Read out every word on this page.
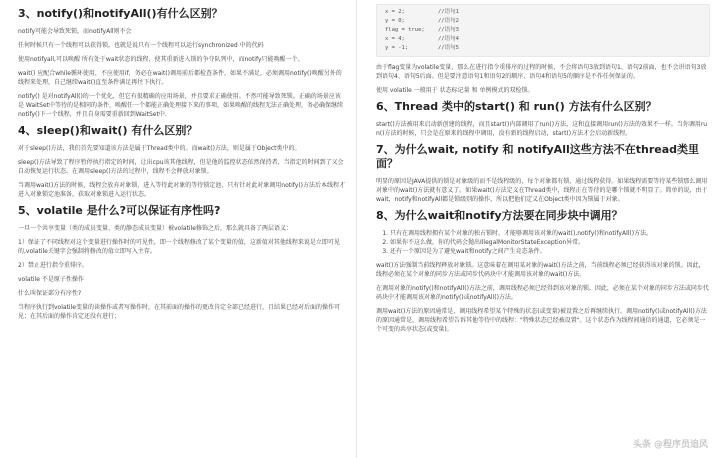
3、notify()和notifyAll()有什么区别？

notify可能会导致死锁，而notifyAll则不会

任何时候只有一个线程可以获得锁，也就是说只有一个线程可以运行synchronized 中的代码

使用notifyall,可以唤醒 所有处于wait状态的线程，使其重新进入锁的争夺队列中，而notify只能唤醒一个。

wait() 应配合while循环使用，不应使用if，务必在wait()调用前后都检查条件，如果不满足，必须调用notify()唤醒另外的线程来处理，自己继续wait()直至条件满足再往下执行。

notify() 是对notifyAll()的一个优化，但它有很精确的应用场景，并且要求正确使用。不然可能导致死锁。正确的场景应该是 WaitSet中等待的是相同的条件，唤醒任一个都能正确处理接下来的事项，如果唤醒的线程无法正确处理，务必确保继续notify()下一个线程，并且自身需要重新回到WaitSet中.

4、sleep()和wait() 有什么区别？

对于sleep()方法，我们首先要知道该方法是属于Thread类中的。而wait()方法，则是属于Object类中的。

sleep()方法导致了程序暂停执行指定的时间，让出cpu该其他线程，但是他的监控状态依然保持者，当指定的时间到了又会自动恢复运行状态。在调用sleep()方法的过程中，线程不会释放对象锁。

当调用wait()方法的时候，线程会放弃对象锁，进入等待此对象的等待锁定池，只有针对此对象调用notify()方法后本线程才进入对象锁定池准备，获取对象锁进入运行状态。

5、volatile 是什么?可以保证有序性吗?

一旦一个共享变量（类的成员变量、类的静态成员变量）被volatile修饰之后，那么就具备了两层语义：

1）保证了不同线程对这个变量进行操作时的可见性，即一个线程修改了某个变量的值，这新值对其他线程来说是立即可见的,volatile关键字会强制将修改的值立即写入主存。

2）禁止进行指令重排序。

volatile 不是原子性操作

什么叫保证部分有序性?

当程序执行到volatile变量的读操作或者写操作时，在其前面的操作的更改肯定全部已经进行，且结果已经对后面的操作可见；在其后面的操作肯定还没有进行；

x = 2;          //语句1
y = 0;          //语句2
flag = true;    //语句3
x = 4;          //语句4
y = -1;         //语句5

由于flag变量为volatile变量，那么在进行指令重排序的过程的时候，不会将语句3放到语句1、语句2前面，也不会讲语句3放到语句4、语句5后面。但是要注意语句1和语句2的顺序、语句4和语句5的顺序是不作任何保证的。

使用 volatile 一般用于 状态标记量 和 单例模式的双检锁。

6、Thread 类中的start() 和 run() 方法有什么区别？

start()方法被用来启动新创建的线程，而且start()内部调用了run()方法，这和直接调用run()方法的效果不一样。当你调用run()方法的时候，只会是在原来的线程中调用，没有新的线程启动，start()方法才会启动新线程。

7、为什么wait, notify 和 notifyAll这些方法不在thread类里面？

明显的原因是JAVA提供的锁是对象级的而不是线程级的，每个对象都有锁，通过线程获得。如果线程需要等待某些锁那么调用对象中的wait()方法就有意义了。如果wait()方法定义在Thread类中，线程正在等待的是哪个锁就不明显了。简单的说，由于wait，notify和notifyAll都是锁级别的操作，所以把他们定义在Object类中因为锁属于对象。

8、为什么wait和notify方法要在同步块中调用？
1. 只有在调用线程拥有某个对象的独占锁时，才能够调用该对象的wait(),notify()和notifyAll()方法。
2. 如果你不这么做，你的代码会抛出IllegalMonitorStateException异常。
3. 还有一个原因是为了避免wait和notify之间产生竞态条件。

wait()方法强制当前线程释放对象锁。这意味着在调用某对象的wait()方法之前，当前线程必须已经获得该对象的锁。因此，线程必须在某个对象的同步方法或同步代码块中才能调用该对象的wait()方法。

在调用对象的notify()和notifyAll()方法之前，调用线程必须已经得到该对象的锁。因此，必须在某个对象的同步方法或同步代码块中才能调用该对象的notify()或notifyAll()方法。

调用wait()方法的原因通常是，调用线程希望某个特殊的状态(或变量)被设置之后再继续执行。调用notify()或notifyAll()方法的原因通常是，调用线程希望告诉其他等待中的线程："特殊状态已经被设置"。这个状态作为线程间通信的通道，它必须是一个可变的共享状态(或变量)。

头条 @程序员追风
